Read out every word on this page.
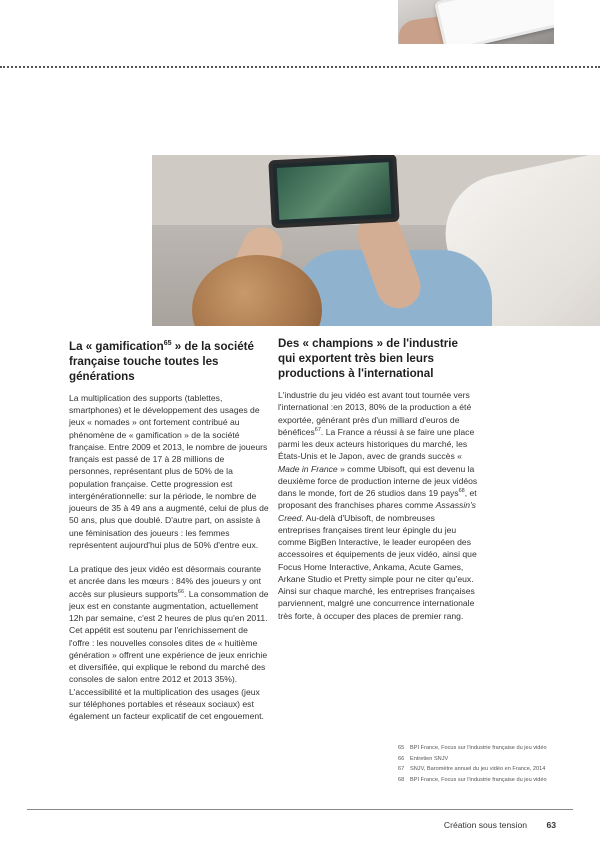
La « gamification$^{65}$ » de la société française touche toutes les générations

La multiplication des supports (tablettes, smartphones) et le développement des usages de jeux « nomades » ont fortement contribué au phénomène de « gamification » de la société française. Entre 2009 et 2013, le nombre de joueurs français est passé de 17 à 28 millions de personnes, représentant plus de 50% de la population française. Cette progression est intergénérationnelle: sur la période, le nombre de joueurs de 35 à 49 ans a augmenté, celui de plus de 50 ans, plus que doublé. D'autre part, on assiste à une féminisation des joueurs : les femmes représentent aujourd'hui plus de 50% d'entre eux.

La pratique des jeux vidéo est désormais courante et ancrée dans les mœurs : 84% des joueurs y ont accès sur plusieurs supports$^{66}$. La consommation de jeux est en constante augmentation, actuellement 12h par semaine, c'est 2 heures de plus qu'en 2011. Cet appétit est soutenu par l'enrichissement de l'offre : les nouvelles consoles dites de « huitième génération » offrent une expérience de jeux enrichie et diversifiée, qui explique le rebond du marché des consoles de salon entre 2012 et 2013 35%). L'accessibilité et la multiplication des usages (jeux sur téléphones portables et réseaux sociaux) est également un facteur explicatif de cet engouement.

Des « champions » de l'industrie qui exportent très bien leurs productions à l'international

L'industrie du jeu vidéo est avant tout tournée vers l'international :en 2013, 80% de la production a été exportée, générant près d'un milliard d'euros de bénéfices$^{67}$. La France a réussi à se faire une place parmi les deux acteurs historiques du marché, les États-Unis et le Japon, avec de grands succès « Made in France » comme Ubisoft, qui est devenu la deuxième force de production interne de jeux vidéos dans le monde, fort de 26 studios dans 19 pays$^{68}$, et proposant des franchises phares comme Assassin's Creed. Au-delà d'Ubisoft, de nombreuses entreprises françaises tirent leur épingle du jeu comme BigBen Interactive, le leader européen des accessoires et équipements de jeux vidéo, ainsi que Focus Home Interactive, Ankama, Acute Games, Arkane Studio et Pretty simple pour ne citer qu'eux. Ainsi sur chaque marché, les entreprises françaises parviennent, malgré une concurrence internationale très forte, à occuper des places de premier rang.

65 BPI France, Focus sur l'industrie française du jeu vidéo
66 Entretien SNJV
67 SNJV, Baromètre annuel du jeu vidéo en France, 2014
68 BPI France, Focus sur l'industrie française du jeu vidéo
Création sous tension 63
